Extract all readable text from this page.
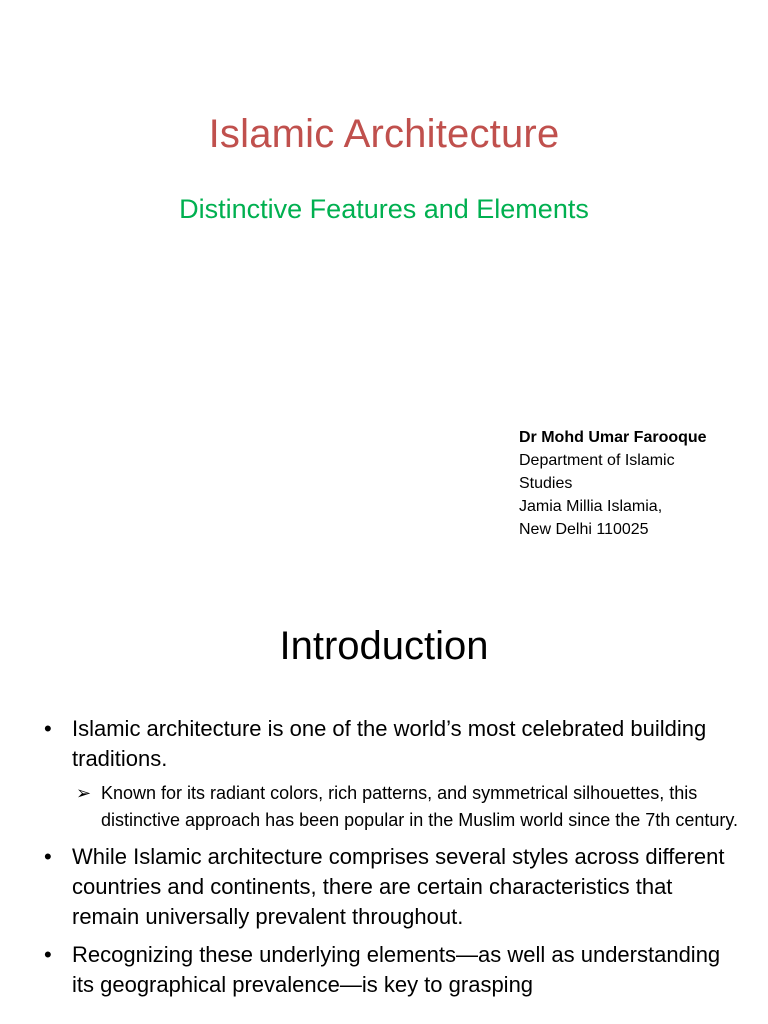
Islamic Architecture
Distinctive Features and Elements
Dr Mohd Umar Farooque
Department of Islamic
Studies
Jamia Millia Islamia,
New Delhi 110025
Introduction
• Islamic architecture is one of the world’s most celebrated building traditions.
➢ Known for its radiant colors, rich patterns, and symmetrical silhouettes, this distinctive approach has been popular in the Muslim world since the 7th century.
• While Islamic architecture comprises several styles across different countries and continents, there are certain characteristics that remain universally prevalent throughout.
• Recognizing these underlying elements—as well as understanding its geographical prevalence—is key to grasping
